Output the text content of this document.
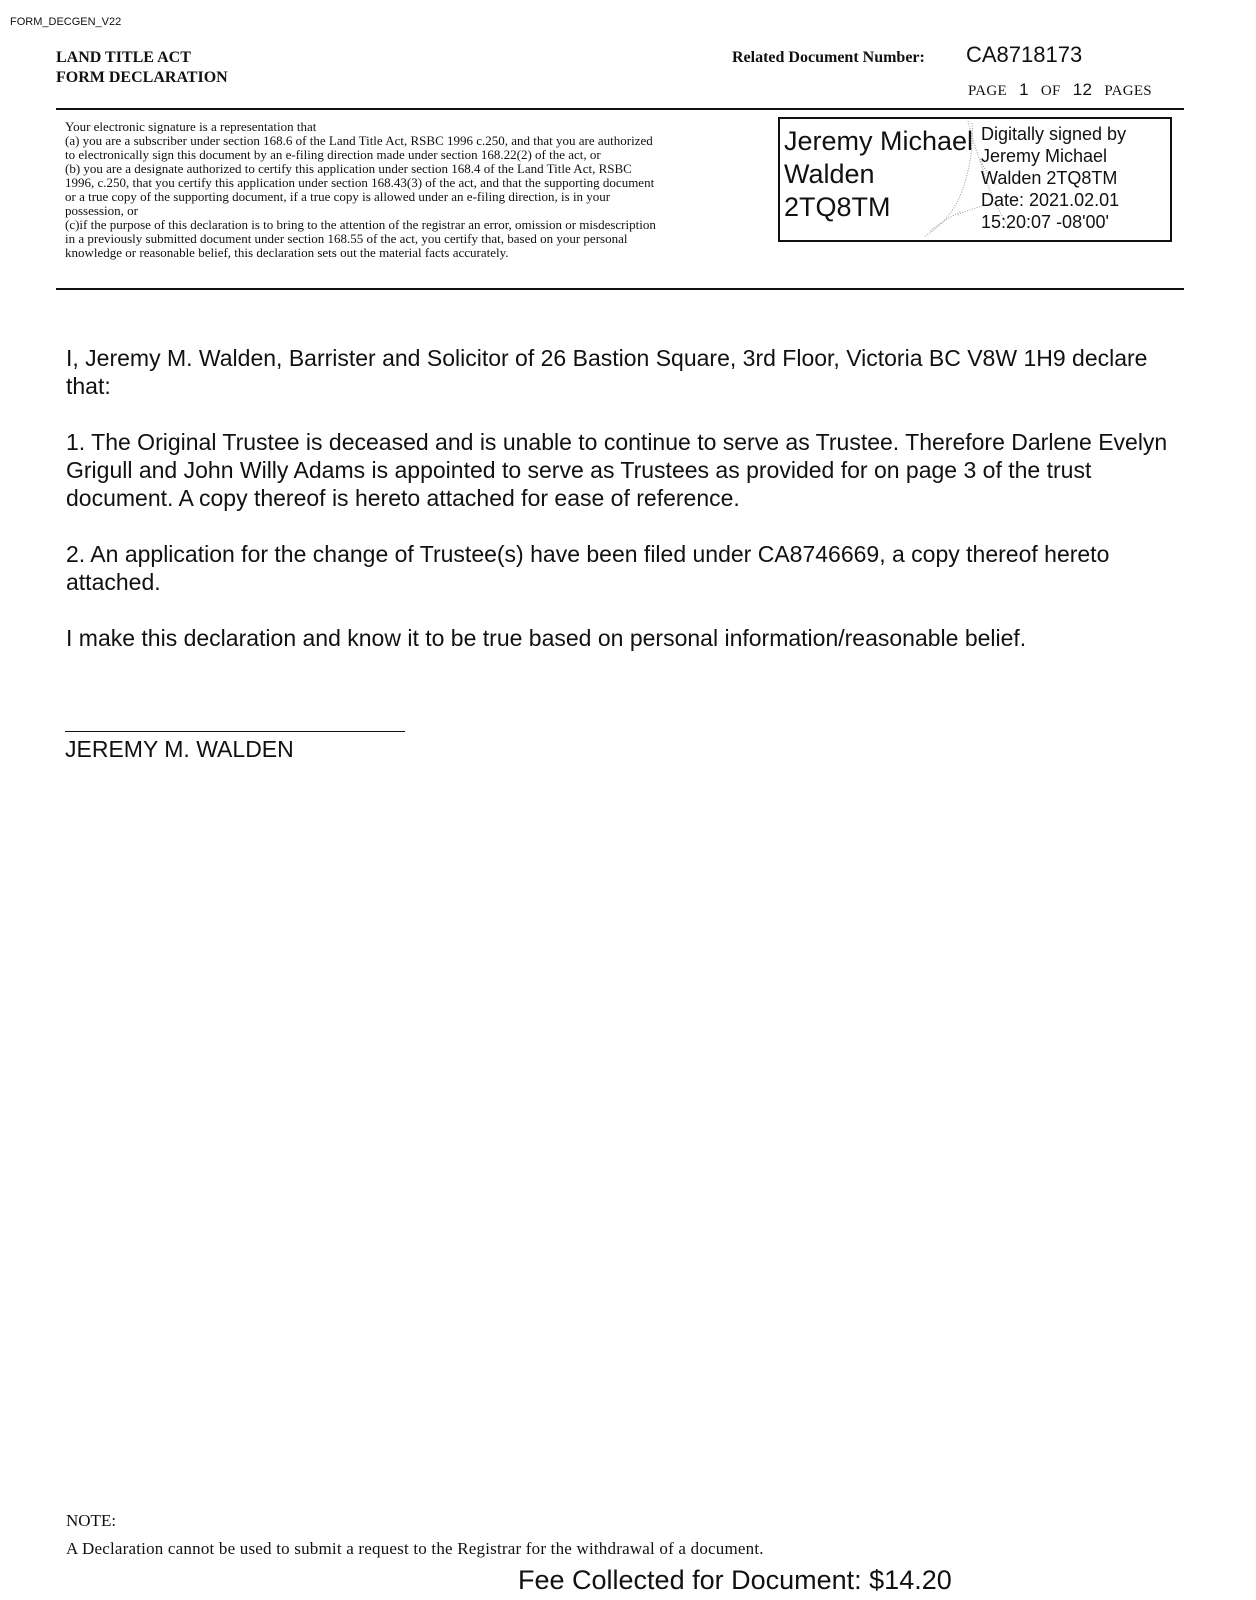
FORM_DECGEN_V22
LAND TITLE ACT
FORM DECLARATION
Related Document Number: CA8718173
PAGE 1 OF 12 PAGES
Your electronic signature is a representation that
(a) you are a subscriber under section 168.6 of the Land Title Act, RSBC 1996 c.250, and that you are authorized
to electronically sign this document by an e-filing direction made under section 168.22(2) of the act, or
(b) you are a designate authorized to certify this application under section 168.4 of the Land Title Act, RSBC
1996, c.250, that you certify this application under section 168.43(3) of the act, and that the supporting document
or a true copy of the supporting document, if a true copy is allowed under an e-filing direction, is in your
possession, or
(c)if the purpose of this declaration is to bring to the attention of the registrar an error, omission or misdescription
in a previously submitted document under section 168.55 of the act, you certify that, based on your personal
knowledge or reasonable belief, this declaration sets out the material facts accurately.
Jeremy Michael
Walden
2TQ8TM
Digitally signed by
Jeremy Michael
Walden 2TQ8TM
Date: 2021.02.01
15:20:07 -08'00'
I, Jeremy M. Walden, Barrister and Solicitor of 26 Bastion Square, 3rd Floor, Victoria BC V8W 1H9 declare that:
1. The Original Trustee is deceased and is unable to continue to serve as Trustee. Therefore Darlene Evelyn Grigull and John Willy Adams is appointed to serve as Trustees as provided for on page 3 of the trust document. A copy thereof is hereto attached for ease of reference.
2. An application for the change of Trustee(s) have been filed under CA8746669, a copy thereof hereto attached.
I make this declaration and know it to be true based on personal information/reasonable belief.
JEREMY M. WALDEN
NOTE:
A Declaration cannot be used to submit a request to the Registrar for the withdrawal of a document.
Fee Collected for Document: $14.20
